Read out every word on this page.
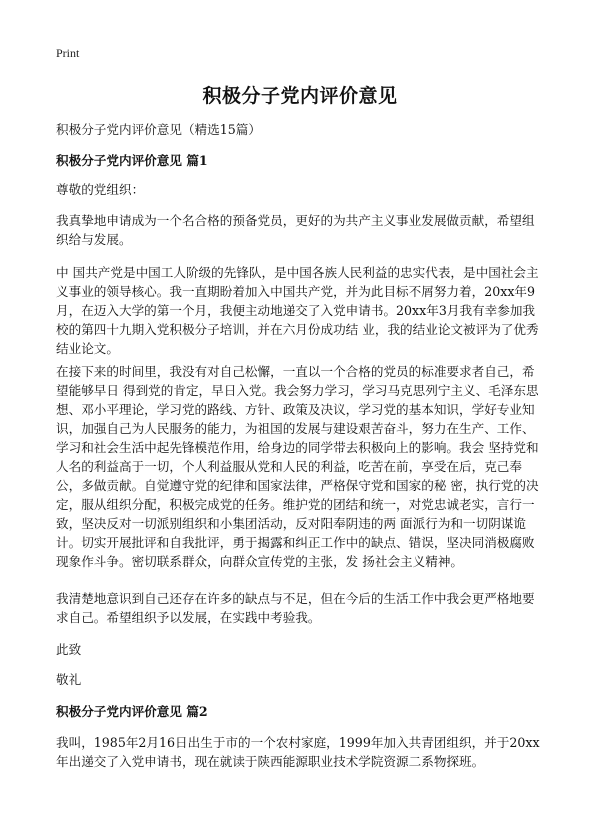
Print
积极分子党内评价意见
积极分子党内评价意见（精选15篇）
积极分子党内评价意见 篇1
尊敬的党组织：
我真挚地申请成为一个名合格的预备党员，更好的为共产主义事业发展做贡献，希望组织给与发展。
中 国共产党是中国工人阶级的先锋队，是中国各族人民利益的忠实代表，是中国社会主义事业的领导核心。我一直期盼着加入中国共产党，并为此目标不屑努力着，20xx年9月，在迈入大学的第一个月，我便主动地递交了入党申请书。20xx年3月我有幸参加我校的第四十九期入党积极分子培训，并在六月份成功结 业，我的结业论文被评为了优秀结业论文。
在接下来的时间里，我没有对自己松懈，一直以一个合格的党员的标准要求者自己，希望能够早日 得到党的肯定，早日入党。我会努力学习，学习马克思列宁主义、毛泽东思想、邓小平理论，学习党的路线、方针、政策及决议，学习党的基本知识，学好专业知识，加强自己为人民服务的能力，为祖国的发展与建设艰苦奋斗，努力在生产、工作、学习和社会生活中起先锋模范作用，给身边的同学带去积极向上的影响。我会 坚持党和人名的利益高于一切，个人利益服从党和人民的利益，吃苦在前，享受在后，克己奉公，多做贡献。自觉遵守党的纪律和国家法律，严格保守党和国家的秘 密，执行党的决定，服从组织分配，积极完成党的任务。维护党的团结和统一，对党忠诚老实，言行一致，坚决反对一切派别组织和小集团活动，反对阳奉阴违的两 面派行为和一切阴谋诡计。切实开展批评和自我批评，勇于揭露和纠正工作中的缺点、错误，坚决同消极腐败现象作斗争。密切联系群众，向群众宣传党的主张，发 扬社会主义精神。
我清楚地意识到自己还存在许多的缺点与不足，但在今后的生活工作中我会更严格地要求自己。希望组织予以发展，在实践中考验我。
此致
敬礼
积极分子党内评价意见 篇2
我叫，1985年2月16日出生于市的一个农村家庭，1999年加入共青团组织，并于20xx年出递交了入党申请书，现在就读于陕西能源职业技术学院资源二系物探班。
